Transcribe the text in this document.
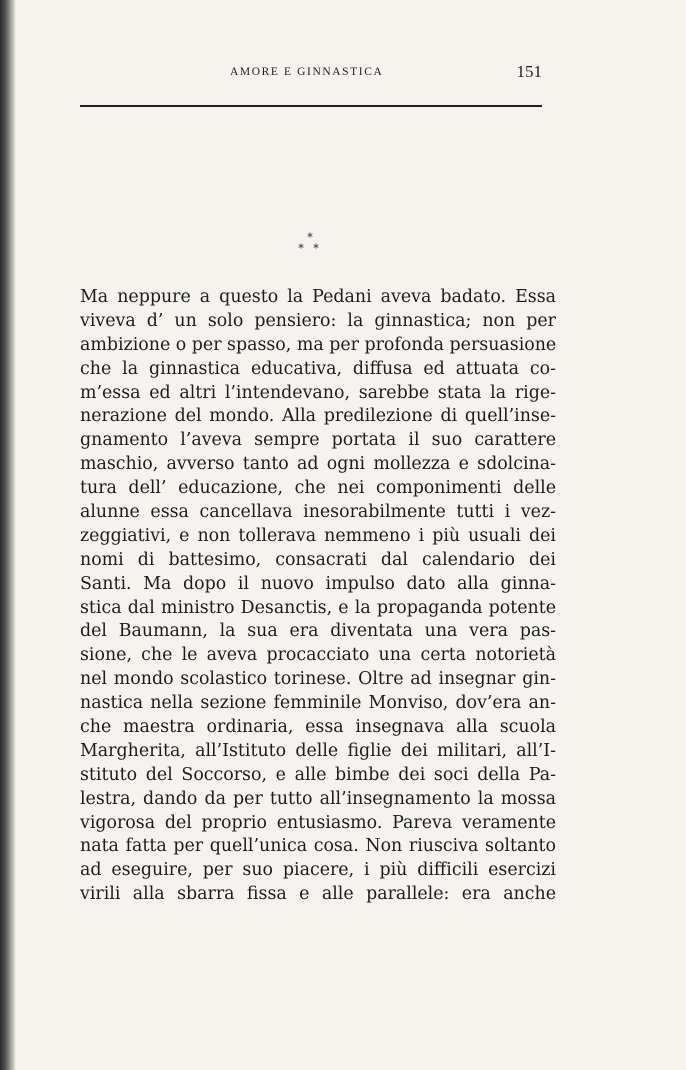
AMORE E GINNASTICA	151
*
* *
Ma neppure a questo la Pedani aveva badato. Essa
viveva d’ un solo pensiero: la ginnastica; non per
ambizione o per spasso, ma per profonda persuasione
che la ginnastica educativa, diffusa ed attuata co-
m’essa ed altri l’intendevano, sarebbe stata la rige-
nerazione del mondo. Alla predilezione di quell’inse-
gnamento l’aveva sempre portata il suo carattere
maschio, avverso tanto ad ogni mollezza e sdolcina-
tura dell’ educazione, che nei componimenti delle
alunne essa cancellava inesorabilmente tutti i vez-
zeggiativi, e non tollerava nemmeno i più usuali dei
nomi di battesimo, consacrati dal calendario dei
Santi. Ma dopo il nuovo impulso dato alla ginna-
stica dal ministro Desanctis, e la propaganda potente
del Baumann, la sua era diventata una vera pas-
sione, che le aveva procacciato una certa notorietà
nel mondo scolastico torinese. Oltre ad insegnar gin-
nastica nella sezione femminile Monviso, dov’era an-
che maestra ordinaria, essa insegnava alla scuola
Margherita, all’Istituto delle figlie dei militari, all’I-
stituto del Soccorso, e alle bimbe dei soci della Pa-
lestra, dando da per tutto all’insegnamento la mossa
vigorosa del proprio entusiasmo. Pareva veramente
nata fatta per quell’unica cosa. Non riusciva soltanto
ad eseguire, per suo piacere, i più difficili esercizi
virili alla sbarra fissa e alle parallele: era anche
